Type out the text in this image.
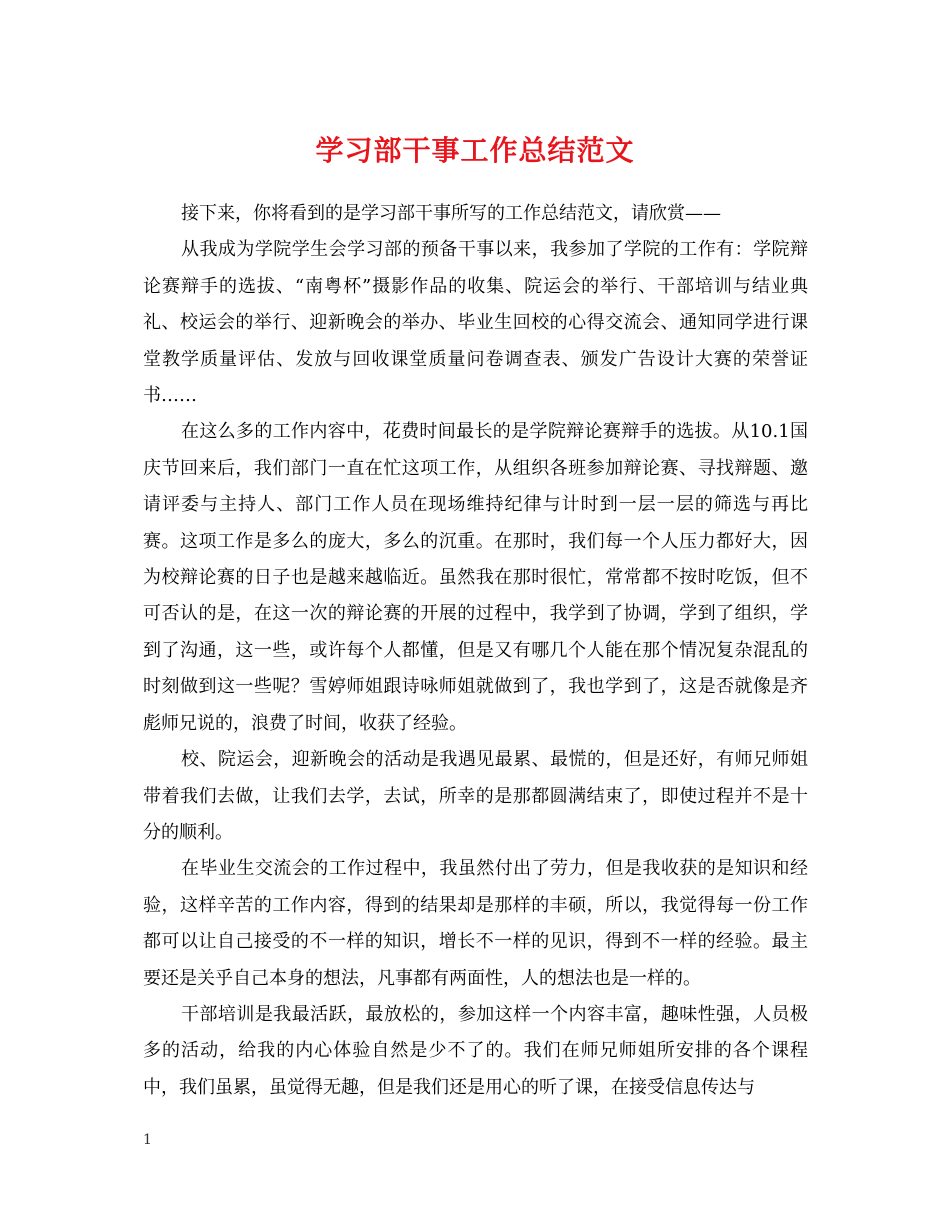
学习部干事工作总结范文

接下来，你将看到的是学习部干事所写的工作总结范文，请欣赏——

从我成为学院学生会学习部的预备干事以来，我参加了学院的工作有：学院辩论赛辩手的选拔、“南粤杯”摄影作品的收集、院运会的举行、干部培训与结业典礼、校运会的举行、迎新晚会的举办、毕业生回校的心得交流会、通知同学进行课堂教学质量评估、发放与回收课堂质量问卷调查表、颁发广告设计大赛的荣誉证书……

在这么多的工作内容中，花费时间最长的是学院辩论赛辩手的选拔。从10.1国庆节回来后，我们部门一直在忙这项工作，从组织各班参加辩论赛、寻找辩题、邀请评委与主持人、部门工作人员在现场维持纪律与计时到一层一层的筛选与再比赛。这项工作是多么的庞大，多么的沉重。在那时，我们每一个人压力都好大，因为校辩论赛的日子也是越来越临近。虽然我在那时很忙，常常都不按时吃饭，但不可否认的是，在这一次的辩论赛的开展的过程中，我学到了协调，学到了组织，学到了沟通，这一些，或许每个人都懂，但是又有哪几个人能在那个情况复杂混乱的时刻做到这一些呢？雪婷师姐跟诗咏师姐就做到了，我也学到了，这是否就像是齐彪师兄说的，浪费了时间，收获了经验。

校、院运会，迎新晚会的活动是我遇见最累、最慌的，但是还好，有师兄师姐带着我们去做，让我们去学，去试，所幸的是那都圆满结束了，即使过程并不是十分的顺利。

在毕业生交流会的工作过程中，我虽然付出了劳力，但是我收获的是知识和经验，这样辛苦的工作内容，得到的结果却是那样的丰硕，所以，我觉得每一份工作都可以让自己接受的不一样的知识，增长不一样的见识，得到不一样的经验。最主要还是关乎自己本身的想法，凡事都有两面性，人的想法也是一样的。

干部培训是我最活跃，最放松的，参加这样一个内容丰富，趣味性强，人员极多的活动，给我的内心体验自然是少不了的。我们在师兄师姐所安排的各个课程中，我们虽累，虽觉得无趣，但是我们还是用心的听了课，在接受信息传达与

1
